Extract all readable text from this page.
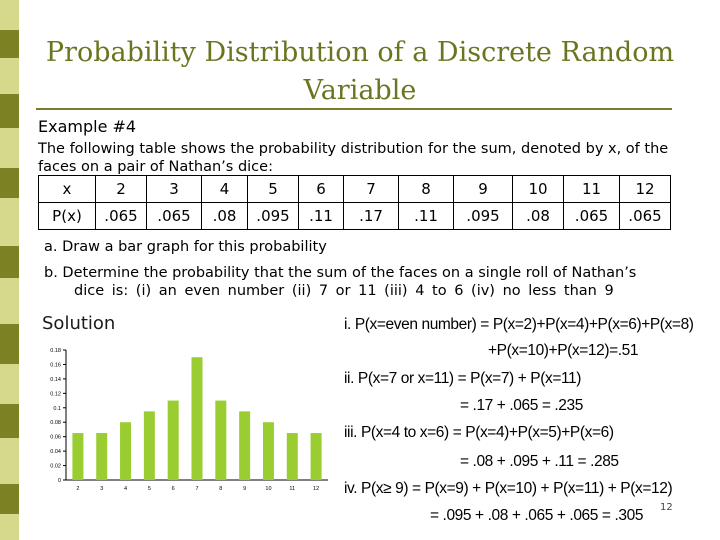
Probability Distribution of a Discrete Random Variable
Example #4
The following table shows the probability distribution for the sum, denoted by x, of the faces on a pair of Nathan’s dice:
x	2	3	4	5	6	7	8	9	10	11	12
P(x)	.065	.065	.08	.095	.11	.17	.11	.095	.08	.065	.065
a. Draw a bar graph for this probability
b. Determine the probability that the sum of the faces on a single roll of Nathan’s
dice is: (i) an even number (ii) 7 or 11 (iii) 4 to 6 (iv) no less than 9
Solution
0
0.02
0.04
0.06
0.08
0.1
0.12
0.14
0.16
0.18
2	3	4	5	6	7	8	9	10	11	12
i. P(x=even number) = P(x=2)+P(x=4)+P(x=6)+P(x=8)
+P(x=10)+P(x=12)=.51
ii. P(x=7 or x=11) = P(x=7) + P(x=11)
= .17 + .065 = .235
iii. P(x=4 to x=6) = P(x=4)+P(x=5)+P(x=6)
= .08 + .095 + .11 = .285
iv. P(x≥ 9) = P(x=9) + P(x=10) + P(x=11) + P(x=12)
= .095 + .08 + .065 + .065 = .305 12
